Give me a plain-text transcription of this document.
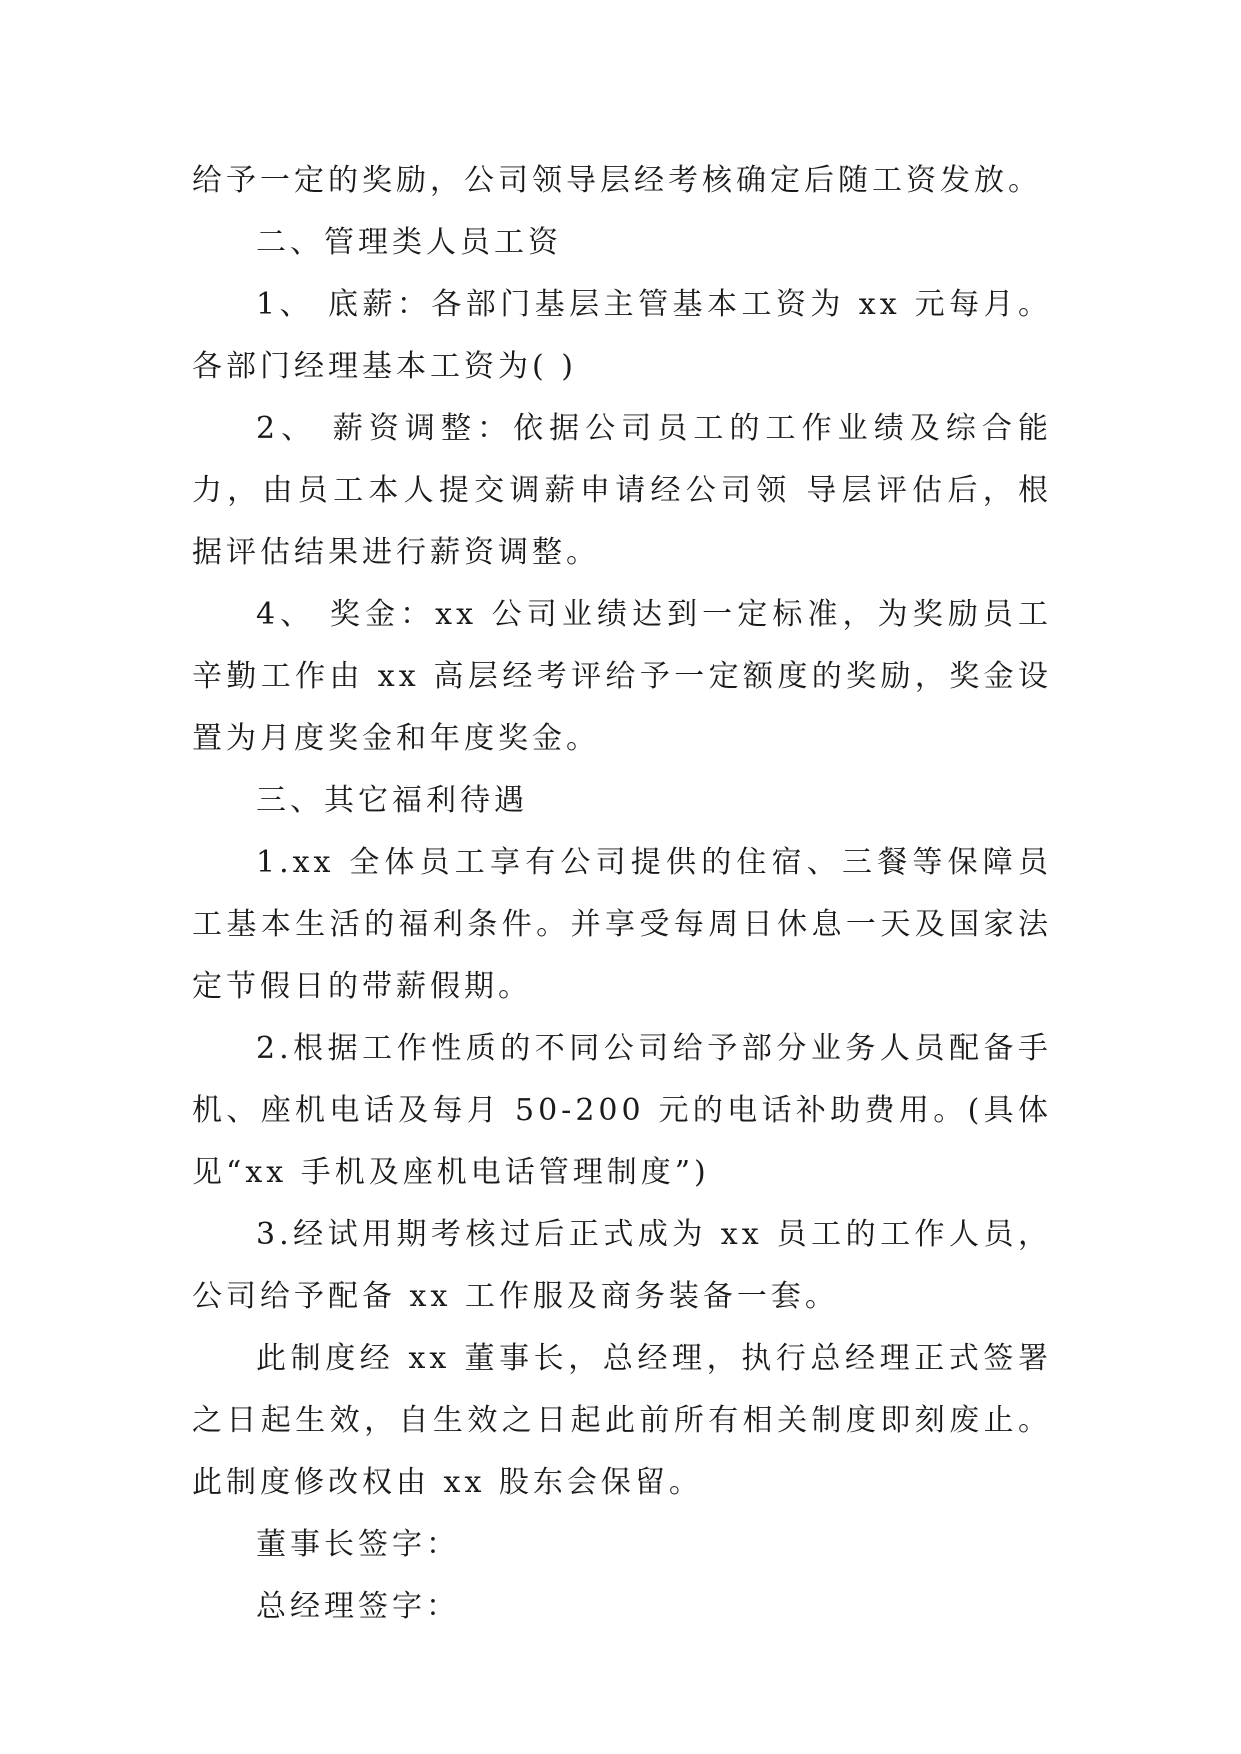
给予一定的奖励，公司领导层经考核确定后随工资发放。

二、管理类人员工资

1、 底薪：各部门基层主管基本工资为 xx 元每月。各部门经理基本工资为( )

2、 薪资调整：依据公司员工的工作业绩及综合能力，由员工本人提交调薪申请经公司领 导层评估后，根据评估结果进行薪资调整。

4、 奖金：xx 公司业绩达到一定标准，为奖励员工辛勤工作由 xx 高层经考评给予一定额度的奖励，奖金设置为月度奖金和年度奖金。

三、其它福利待遇

1.xx 全体员工享有公司提供的住宿、三餐等保障员工基本生活的福利条件。并享受每周日休息一天及国家法定节假日的带薪假期。

2.根据工作性质的不同公司给予部分业务人员配备手机、座机电话及每月 50-200 元的电话补助费用。(具体见“xx 手机及座机电话管理制度”)

3.经试用期考核过后正式成为 xx 员工的工作人员，公司给予配备 xx 工作服及商务装备一套。

此制度经 xx 董事长，总经理，执行总经理正式签署之日起生效，自生效之日起此前所有相关制度即刻废止。此制度修改权由 xx 股东会保留。

董事长签字：

总经理签字：
